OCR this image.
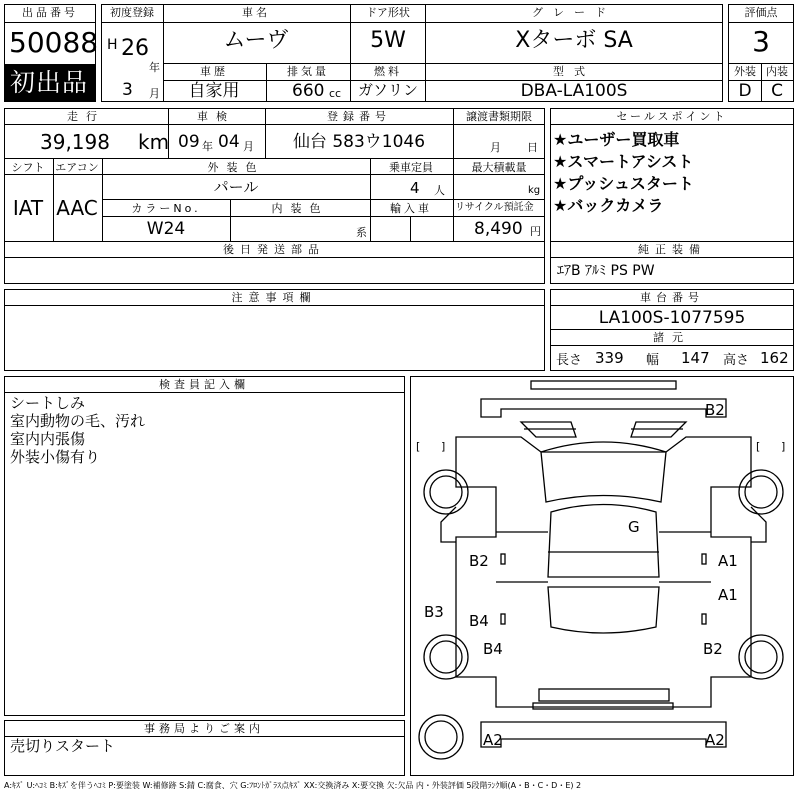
出品番号
50088
初出品
初度登録
H 26
年
3 月
車名
ムーヴ
ドア形状
5W
グレード
Xターボ SA
車歴
自家用
排気量
660 cc
燃料
ガソリン
型式
DBA-LA100S
評価点
3
外装 内装
D C
走行
39,198 km
車検
09 年 04 月
登録番号
仙台 583ウ1046
譲渡書類期限
月 日
シフト
IAT
エアコン
AAC
外装色
パール
乗車定員
4 人
最大積載量
kg
カラーNo.
W24
内装色
系
輸入車 リサイクル預託金
8,490 円
後日発送部品
セールスポイント
★ユーザー買取車
★スマートアシスト
★プッシュスタート
★バックカメラ
純正装備
ｴｱB ｱﾙﾐ PS PW
注意事項欄	車台番号
LA100S-1077595
諸元
長さ 339 幅 147 高さ 162
検査員記入欄
シートしみ
室内動物の毛、汚れ
室内内張傷
外装小傷有り
事務局よりご案内
売切りスタート
B2
G
B2	A1
A1
B3 B4
B4	B2
A2	A2
[ ]	[ ]
A:ｷｽﾞ U:ﾍｺﾐ B:ｷｽﾞを伴うﾍｺﾐ P:要塗装 W:補修跡 S:錆 C:腐食、穴 G:ﾌﾛﾝﾄｶﾞﾗｽ点ｷｽﾞ XX:交換済み X:要交換 欠:欠品 内・外装評価 5段階ﾗﾝｸ順(A・B・C・D・E) 2
